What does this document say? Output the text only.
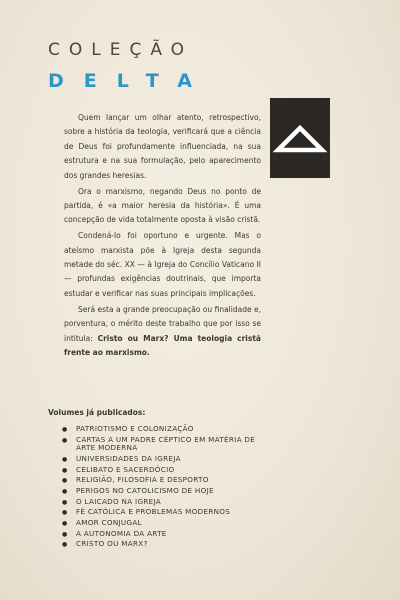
COLEÇÃO
DELTA

Quem lançar um olhar atento, retrospectivo, sobre a história da teologia, verificará que a ciência de Deus foi profundamente influenciada, na sua estrutura e na sua formulação, pelo aparecimento dos grandes heresias.

Ora o marxismo, negando Deus no ponto de partida, é «a maior heresia da história». É uma concepção de vida totalmente oposta à visão cristã.

Condená-lo foi oportuno e urgente. Mas o ateísmo marxista põe à Igreja desta segunda metade do séc. XX — à Igreja do Concílio Vaticano II — profundas exigências doutrinais, que importa estudar e verificar nas suas principais implicações.

Será esta a grande preocupação ou finalidade e, porventura, o mérito deste trabalho que por isso se intitula: Cristo ou Marx? Uma teologia cristã frente ao marxismo.

Volumes já publicados:
● PATRIOTISMO E COLONIZAÇÃO
● CARTAS A UM PADRE CÉPTICO EM MATÉRIA DE ARTE MODERNA
● UNIVERSIDADES DA IGREJA
● CELIBATO E SACERDÓCIO
● RELIGIÃO, FILOSOFIA E DESPORTO
● PERIGOS NO CATOLICISMO DE HOJE
● O LAICADO NA IGREJA
● FÉ CATÓLICA E PROBLEMAS MODERNOS
● AMOR CONJUGAL
● A AUTONOMIA DA ARTE
● CRISTO OU MARX?
